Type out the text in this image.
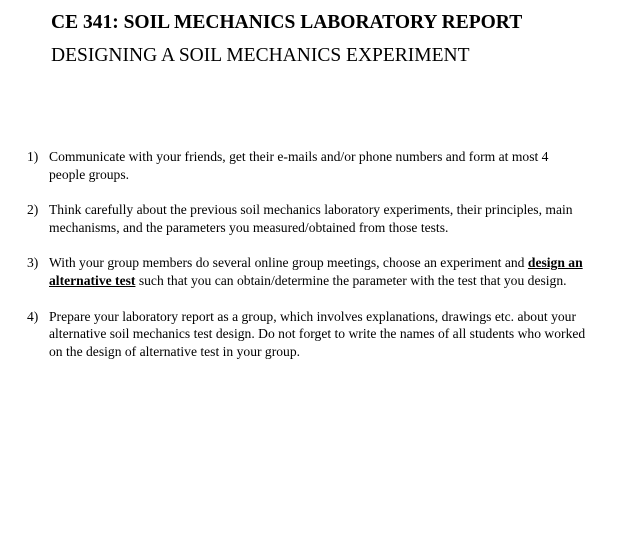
CE 341: SOIL MECHANICS LABORATORY REPORT
DESIGNING A SOIL MECHANICS EXPERIMENT
1) Communicate with your friends, get their e-mails and/or phone numbers and form at most 4 people groups.
2) Think carefully about the previous soil mechanics laboratory experiments, their principles, main mechanisms, and the parameters you measured/obtained from those tests.
3) With your group members do several online group meetings, choose an experiment and design an alternative test such that you can obtain/determine the parameter with the test that you design.
4) Prepare your laboratory report as a group, which involves explanations, drawings etc. about your alternative soil mechanics test design. Do not forget to write the names of all students who worked on the design of alternative test in your group.
